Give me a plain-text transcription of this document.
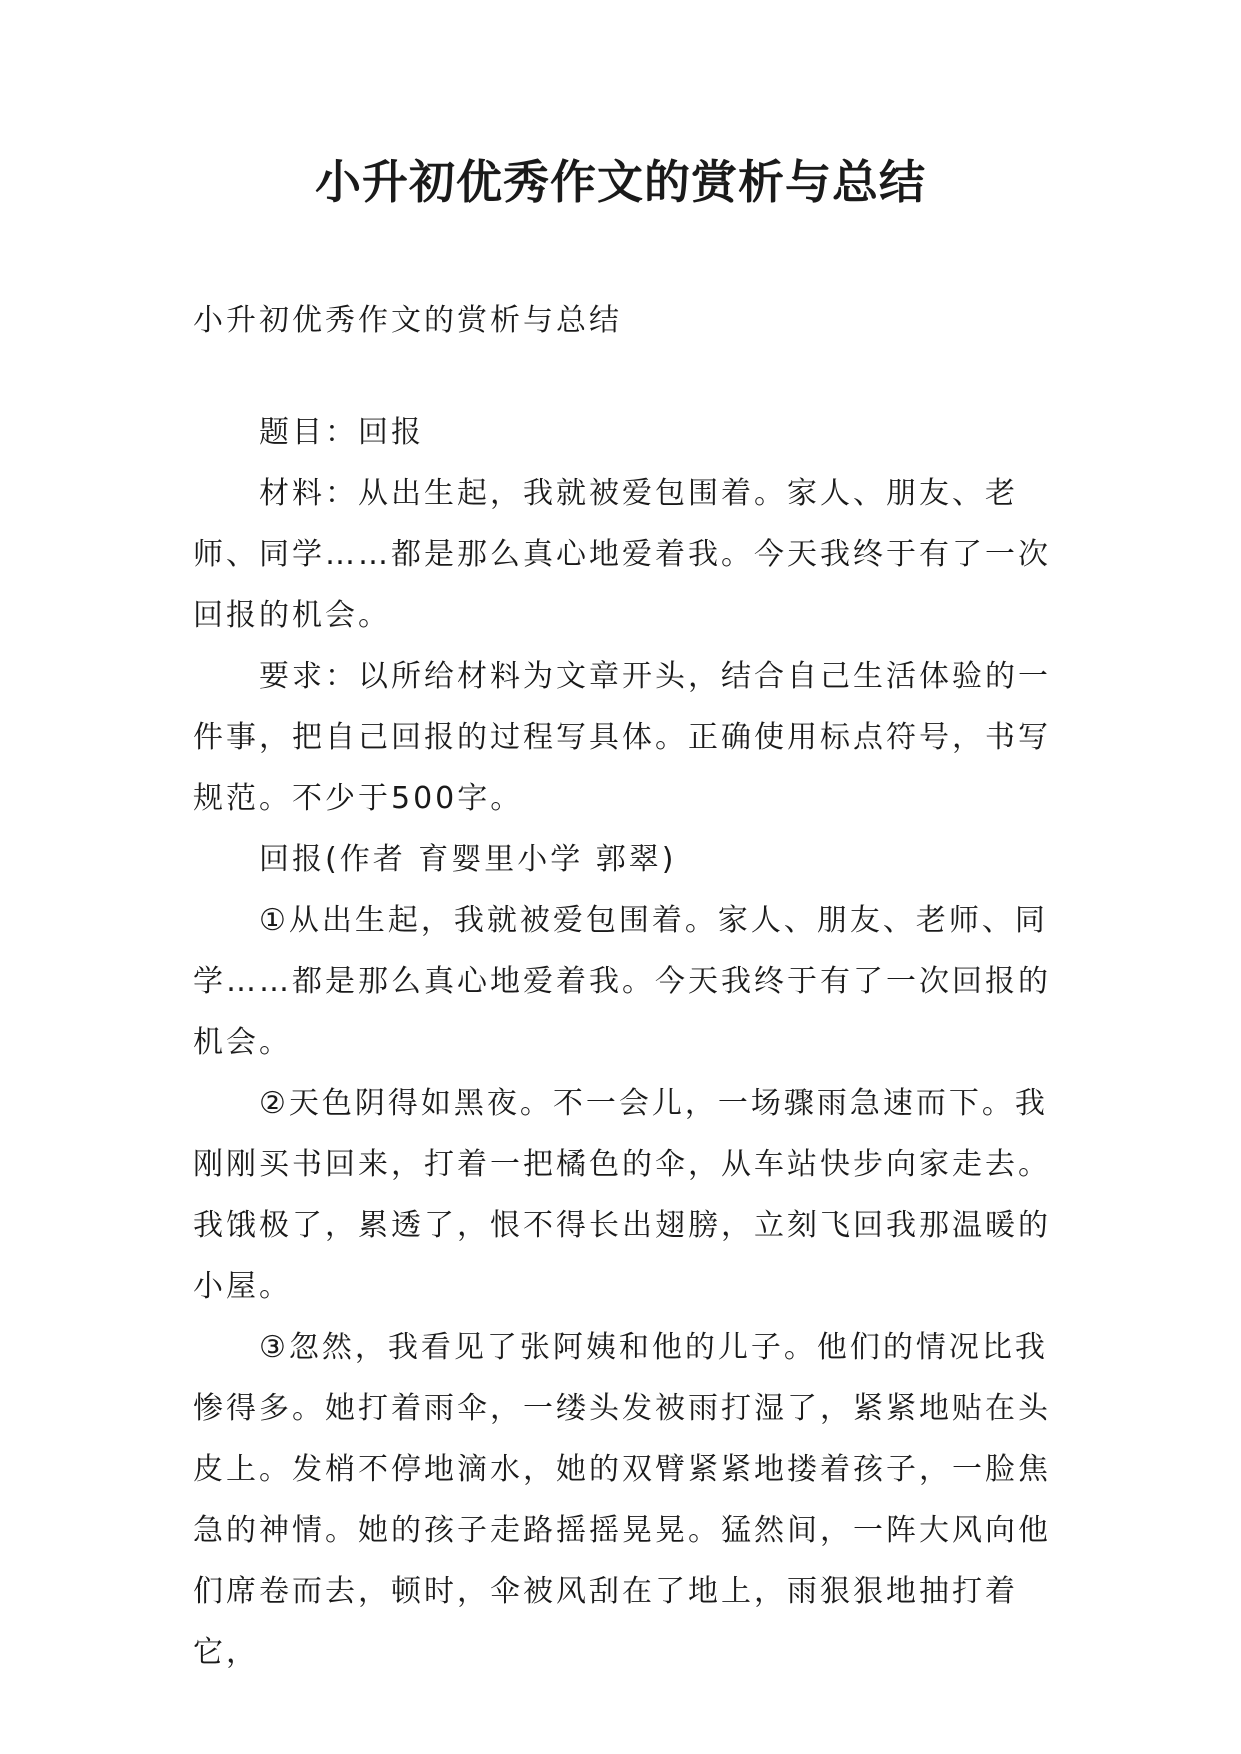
小升初优秀作文的赏析与总结

小升初优秀作文的赏析与总结

题目：回报

材料：从出生起，我就被爱包围着。家人、朋友、老师、同学……都是那么真心地爱着我。今天我终于有了一次回报的机会。

要求：以所给材料为文章开头，结合自己生活体验的一件事，把自己回报的过程写具体。正确使用标点符号，书写规范。不少于500字。

回报(作者 育婴里小学 郭翠)

①从出生起，我就被爱包围着。家人、朋友、老师、同学……都是那么真心地爱着我。今天我终于有了一次回报的机会。

②天色阴得如黑夜。不一会儿，一场骤雨急速而下。我刚刚买书回来，打着一把橘色的伞，从车站快步向家走去。我饿极了，累透了，恨不得长出翅膀，立刻飞回我那温暖的小屋。

③忽然，我看见了张阿姨和他的儿子。他们的情况比我惨得多。她打着雨伞，一缕头发被雨打湿了，紧紧地贴在头皮上。发梢不停地滴水，她的双臂紧紧地搂着孩子，一脸焦急的神情。她的孩子走路摇摇晃晃。猛然间，一阵大风向他们席卷而去，顿时，伞被风刮在了地上，雨狠狠地抽打着它，
